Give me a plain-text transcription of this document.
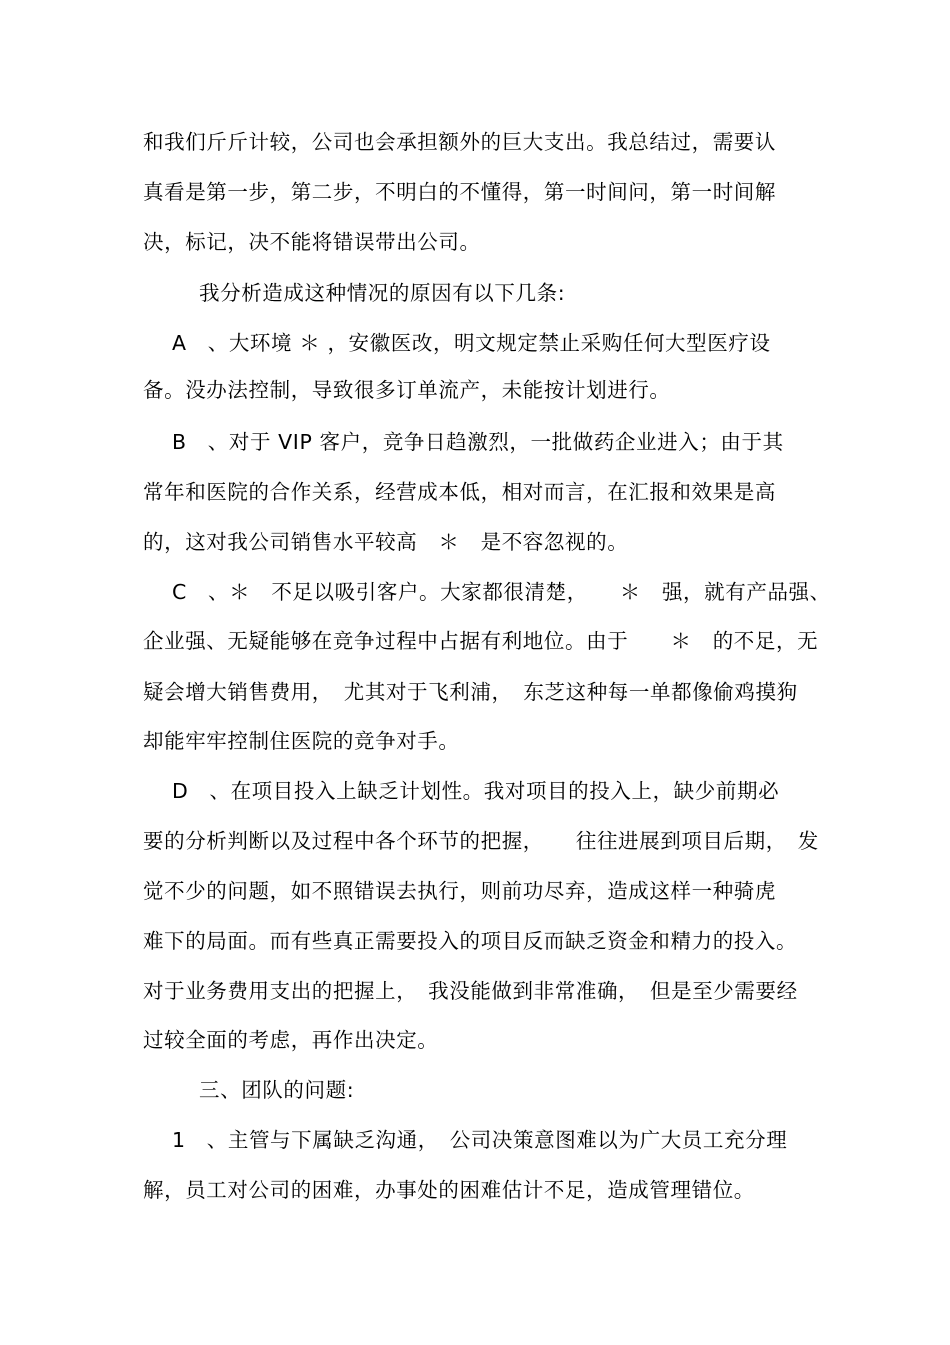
和我们斤斤计较，公司也会承担额外的巨大支出。我总结过，需要认
真看是第一步，第二步，不明白的不懂得，第一时间问，第一时间解
决，标记，决不能将错误带出公司。
我分析造成这种情况的原因有以下几条:
A　、大环境 ＊ ，安徽医改，明文规定禁止采购任何大型医疗设
备。没办法控制，导致很多订单流产，未能按计划进行。
B　、对于 VIP 客户，竞争日趋激烈，一批做药企业进入；由于其
常年和医院的合作关系，经营成本低，相对而言，在汇报和效果是高
的，这对我公司销售水平较高　＊　是不容忽视的。
C　、＊　不足以吸引客户。大家都很清楚，　　＊　强，就有产品强、
企业强、无疑能够在竞争过程中占据有利地位。由于　　＊　的不足，无
疑会增大销售费用，　尤其对于飞利浦，　东芝这种每一单都像偷鸡摸狗
却能牢牢控制住医院的竞争对手。
D　、在项目投入上缺乏计划性。我对项目的投入上，缺少前期必
要的分析判断以及过程中各个环节的把握，　　往往进展到项目后期，　发
觉不少的问题，如不照错误去执行，则前功尽弃，造成这样一种骑虎
难下的局面。而有些真正需要投入的项目反而缺乏资金和精力的投入。
对于业务费用支出的把握上，　我没能做到非常准确，　但是至少需要经
过较全面的考虑，再作出决定。
三、团队的问题:
1　、主管与下属缺乏沟通，　公司决策意图难以为广大员工充分理
解，员工对公司的困难，办事处的困难估计不足，造成管理错位。
